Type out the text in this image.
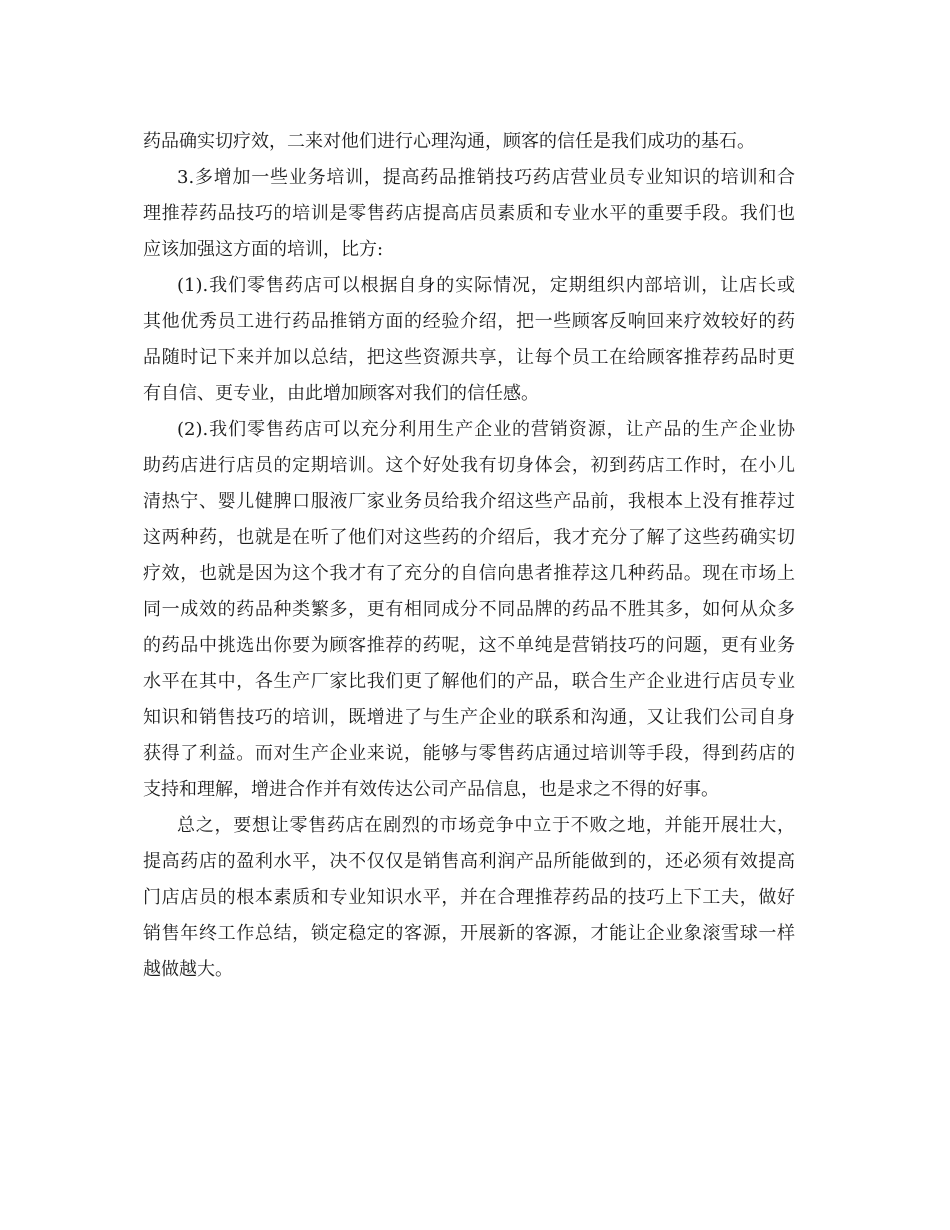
药品确实切疗效，二来对他们进行心理沟通，顾客的信任是我们成功的基石。
3.多增加一些业务培训，提高药品推销技巧药店营业员专业知识的培训和合
理推荐药品技巧的培训是零售药店提高店员素质和专业水平的重要手段。我们也
应该加强这方面的培训，比方:
(1).我们零售药店可以根据自身的实际情况，定期组织内部培训，让店长或
其他优秀员工进行药品推销方面的经验介绍，把一些顾客反响回来疗效较好的药
品随时记下来并加以总结，把这些资源共享，让每个员工在给顾客推荐药品时更
有自信、更专业，由此增加顾客对我们的信任感。
(2).我们零售药店可以充分利用生产企业的营销资源，让产品的生产企业协
助药店进行店员的定期培训。这个好处我有切身体会，初到药店工作时，在小儿
清热宁、婴儿健脾口服液厂家业务员给我介绍这些产品前，我根本上没有推荐过
这两种药，也就是在听了他们对这些药的介绍后，我才充分了解了这些药确实切
疗效，也就是因为这个我才有了充分的自信向患者推荐这几种药品。现在市场上
同一成效的药品种类繁多，更有相同成分不同品牌的药品不胜其多，如何从众多
的药品中挑选出你要为顾客推荐的药呢，这不单纯是营销技巧的问题，更有业务
水平在其中，各生产厂家比我们更了解他们的产品，联合生产企业进行店员专业
知识和销售技巧的培训，既增进了与生产企业的联系和沟通，又让我们公司自身
获得了利益。而对生产企业来说，能够与零售药店通过培训等手段，得到药店的
支持和理解，增进合作并有效传达公司产品信息，也是求之不得的好事。
总之，要想让零售药店在剧烈的市场竞争中立于不败之地，并能开展壮大，
提高药店的盈利水平，决不仅仅是销售高利润产品所能做到的，还必须有效提高
门店店员的根本素质和专业知识水平，并在合理推荐药品的技巧上下工夫，做好
销售年终工作总结，锁定稳定的客源，开展新的客源，才能让企业象滚雪球一样
越做越大。
